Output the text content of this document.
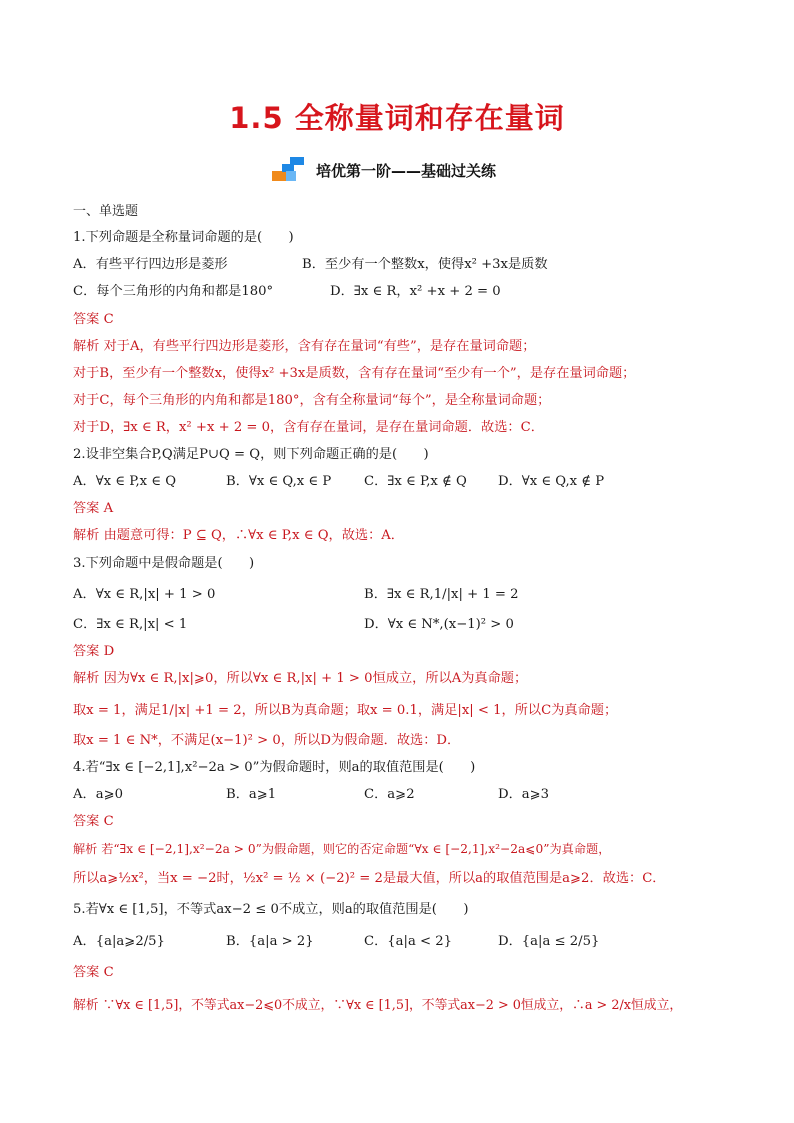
1.5 全称量词和存在量词
培优第一阶——基础过关练
一、单选题
1.下列命题是全称量词命题的是(　　)
A．有些平行四边形是菱形	B．至少有一个整数x，使得x² +3x是质数
C．每个三角形的内角和都是180°	D．∃x ∈ R，x² +x + 2 = 0
答案 C
解析 对于A，有些平行四边形是菱形，含有存在量词“有些”，是存在量词命题；
对于B，至少有一个整数x，使得x² +3x是质数，含有存在量词“至少有一个”，是存在量词命题；
对于C，每个三角形的内角和都是180°，含有全称量词“每个”，是全称量词命题；
对于D，∃x ∈ R，x² +x + 2 = 0，含有存在量词，是存在量词命题．故选：C．
2.设非空集合P,Q满足P∪Q = Q，则下列命题正确的是(　　)
A．∀x ∈ P,x ∈ Q	B．∀x ∈ Q,x ∈ P C．∃x ∈ P,x ∉ Q D．∀x ∈ Q,x ∉ P
答案 A
解析 由题意可得：P ⊆ Q，∴∀x ∈ P,x ∈ Q，故选：A．
3.下列命题中是假命题是(　　)
A．∀x ∈ R,|x| + 1 > 0	B．∃x ∈ R,1/|x| + 1 = 2
C．∃x ∈ R,|x| < 1	D．∀x ∈ N*,(x−1)² > 0
答案 D
解析 因为∀x ∈ R,|x|⩾0，所以∀x ∈ R,|x| + 1 > 0恒成立，所以A为真命题；
取x = 1，满足1/|x| +1 = 2，所以B为真命题；取x = 0.1，满足|x| < 1，所以C为真命题；
取x = 1 ∈ N*，不满足(x−1)² > 0，所以D为假命题．故选：D．
4.若“∃x ∈ [−2,1],x²−2a > 0”为假命题时，则a的取值范围是(　　)
A．a⩾0	B．a⩾1	C．a⩾2	D．a⩾3
答案 C
解析 若“∃x ∈ [−2,1],x²−2a > 0”为假命题，则它的否定命题“∀x ∈ [−2,1],x²−2a⩽0”为真命题，
所以a⩾½x²，当x = −2时，½x² = ½ × (−2)² = 2是最大值，所以a的取值范围是a⩾2．故选：C．
5.若∀x ∈ [1,5]，不等式ax−2 ≤ 0不成立，则a的取值范围是(　　)
A．{a|a⩾2/5}	B．{a|a > 2}	C．{a|a < 2}	D．{a|a ≤ 2/5}
答案 C
解析 ∵∀x ∈ [1,5]，不等式ax−2⩽0不成立，∵∀x ∈ [1,5]，不等式ax−2 > 0恒成立，∴a > 2/x恒成立，
